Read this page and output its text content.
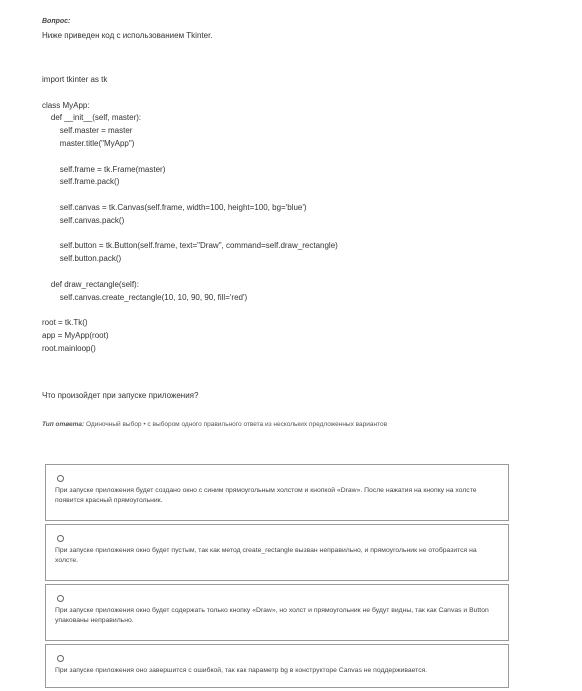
Вопрос:
Ниже приведен код с использованием Tkinter.
import tkinter as tk
class MyApp:
def __init__(self, master):
self.master = master
master.title("MyApp")
self.frame = tk.Frame(master)
self.frame.pack()
self.canvas = tk.Canvas(self.frame, width=100, height=100, bg='blue')
self.canvas.pack()
self.button = tk.Button(self.frame, text="Draw", command=self.draw_rectangle)
self.button.pack()
def draw_rectangle(self):
self.canvas.create_rectangle(10, 10, 90, 90, fill='red')
root = tk.Tk()
app = MyApp(root)
root.mainloop()
Что произойдет при запуске приложения?
Тип ответа: Одиночный выбор • с выбором одного правильного ответа из нескольких предложенных вариантов
При запуске приложения будет создано окно с синим прямоугольным холстом и кнопкой «Draw». После нажатия на кнопку на холсте появится красный прямоугольник.
При запуске приложения окно будет пустым, так как метод create_rectangle вызван неправильно, и прямоугольник не отобразится на холсте.
При запуске приложения окно будет содержать только кнопку «Draw», но холст и прямоугольник не будут видны, так как Canvas и Button упакованы неправильно.
При запуске приложения оно завершится с ошибкой, так как параметр bg в конструкторе Canvas не поддерживается.
